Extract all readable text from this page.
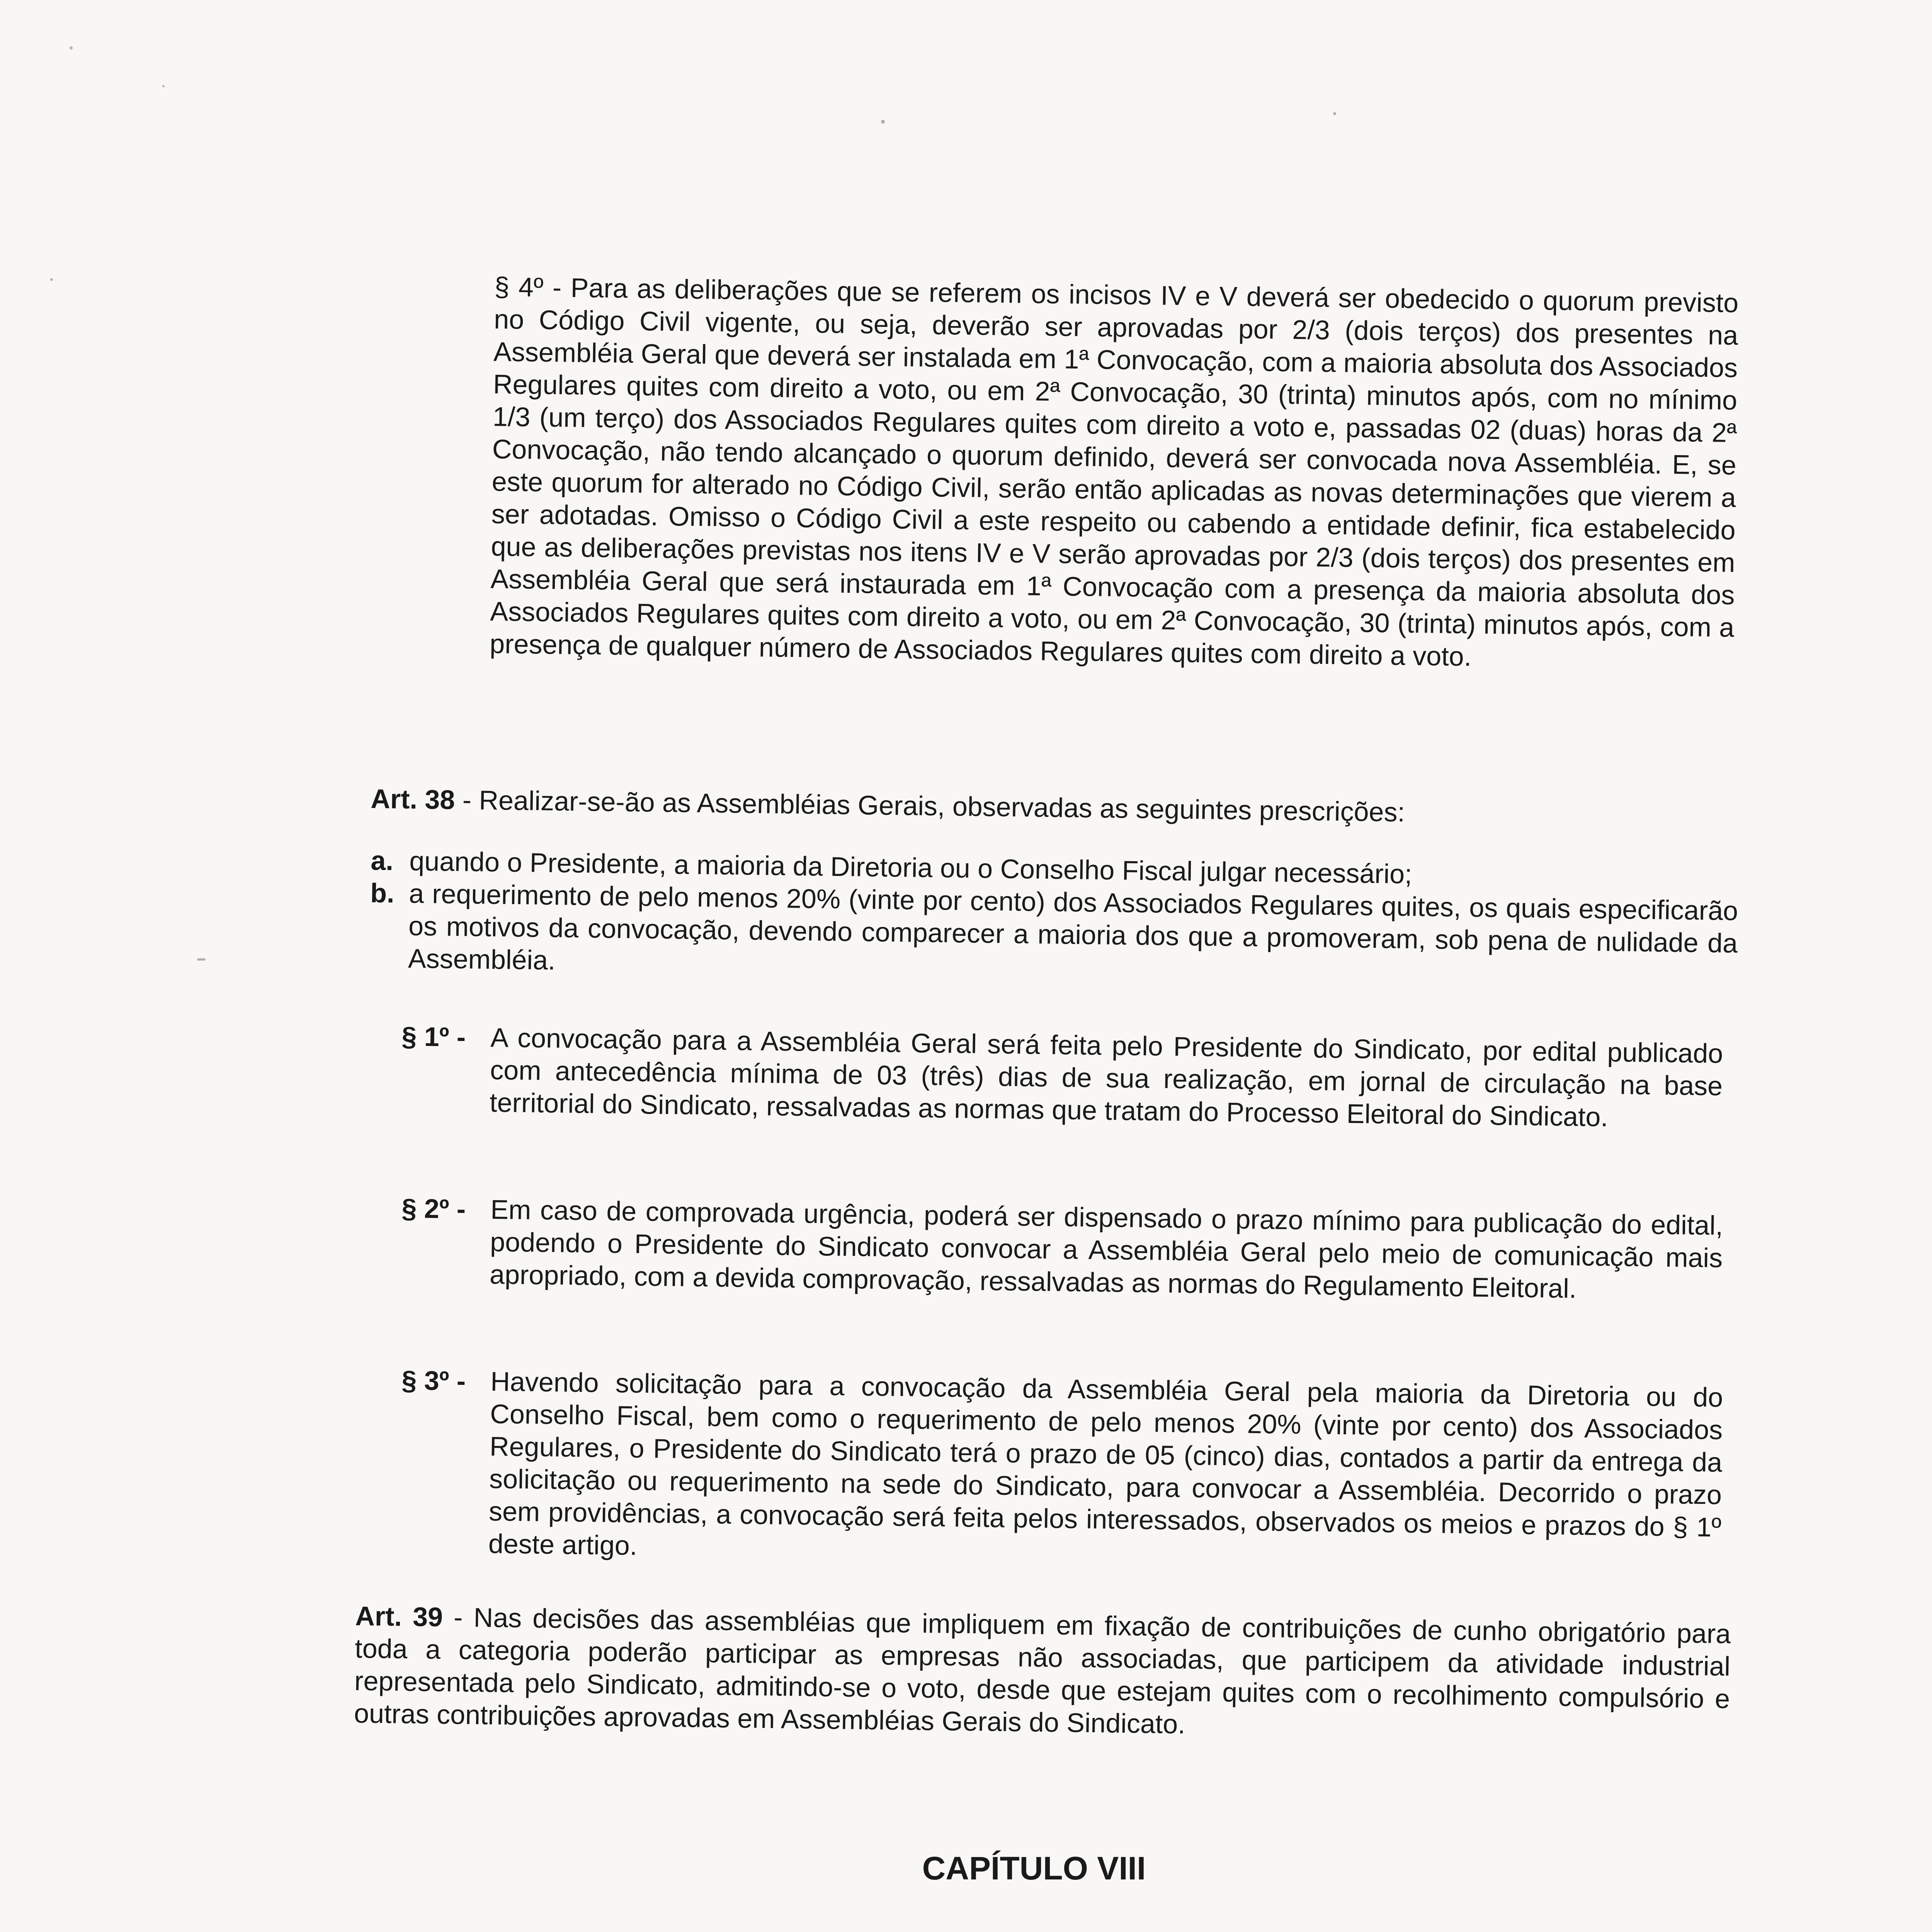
§ 4º - Para as deliberações que se referem os incisos IV e V deverá ser obedecido o quorum previsto no Código Civil vigente, ou seja, deverão ser aprovadas por 2/3 (dois terços) dos presentes na Assembléia Geral que deverá ser instalada em 1ª Convocação, com a maioria absoluta dos Associados Regulares quites com direito a voto, ou em 2ª Convocação, 30 (trinta) minutos após, com no mínimo 1/3 (um terço) dos Associados Regulares quites com direito a voto e, passadas 02 (duas) horas da 2ª Convocação, não tendo alcançado o quorum definido, deverá ser convocada nova Assembléia. E, se este quorum for alterado no Código Civil, serão então aplicadas as novas determinações que vierem a ser adotadas. Omisso o Código Civil a este respeito ou cabendo a entidade definir, fica estabelecido que as deliberações previstas nos itens IV e V serão aprovadas por 2/3 (dois terços) dos presentes em Assembléia Geral que será instaurada em 1ª Convocação com a presença da maioria absoluta dos Associados Regulares quites com direito a voto, ou em 2ª Convocação, 30 (trinta) minutos após, com a presença de qualquer número de Associados Regulares quites com direito a voto.
Art. 38 - Realizar-se-ão as Assembléias Gerais, observadas as seguintes prescrições:
a. quando o Presidente, a maioria da Diretoria ou o Conselho Fiscal julgar necessário;
b. a requerimento de pelo menos 20% (vinte por cento) dos Associados Regulares quites, os quais especificarão os motivos da convocação, devendo comparecer a maioria dos que a promoveram, sob pena de nulidade da Assembléia.
§ 1º - A convocação para a Assembléia Geral será feita pelo Presidente do Sindicato, por edital publicado com antecedência mínima de 03 (três) dias de sua realização, em jornal de circulação na base territorial do Sindicato, ressalvadas as normas que tratam do Processo Eleitoral do Sindicato.
§ 2º - Em caso de comprovada urgência, poderá ser dispensado o prazo mínimo para publicação do edital, podendo o Presidente do Sindicato convocar a Assembléia Geral pelo meio de comunicação mais apropriado, com a devida comprovação, ressalvadas as normas do Regulamento Eleitoral.
§ 3º - Havendo solicitação para a convocação da Assembléia Geral pela maioria da Diretoria ou do Conselho Fiscal, bem como o requerimento de pelo menos 20% (vinte por cento) dos Associados Regulares, o Presidente do Sindicato terá o prazo de 05 (cinco) dias, contados a partir da entrega da solicitação ou requerimento na sede do Sindicato, para convocar a Assembléia. Decorrido o prazo sem providências, a convocação será feita pelos interessados, observados os meios e prazos do § 1º deste artigo.
Art. 39 - Nas decisões das assembléias que impliquem em fixação de contribuições de cunho obrigatório para toda a categoria poderão participar as empresas não associadas, que participem da atividade industrial representada pelo Sindicato, admitindo-se o voto, desde que estejam quites com o recolhimento compulsório e outras contribuições aprovadas em Assembléias Gerais do Sindicato.
CAPÍTULO VIII
